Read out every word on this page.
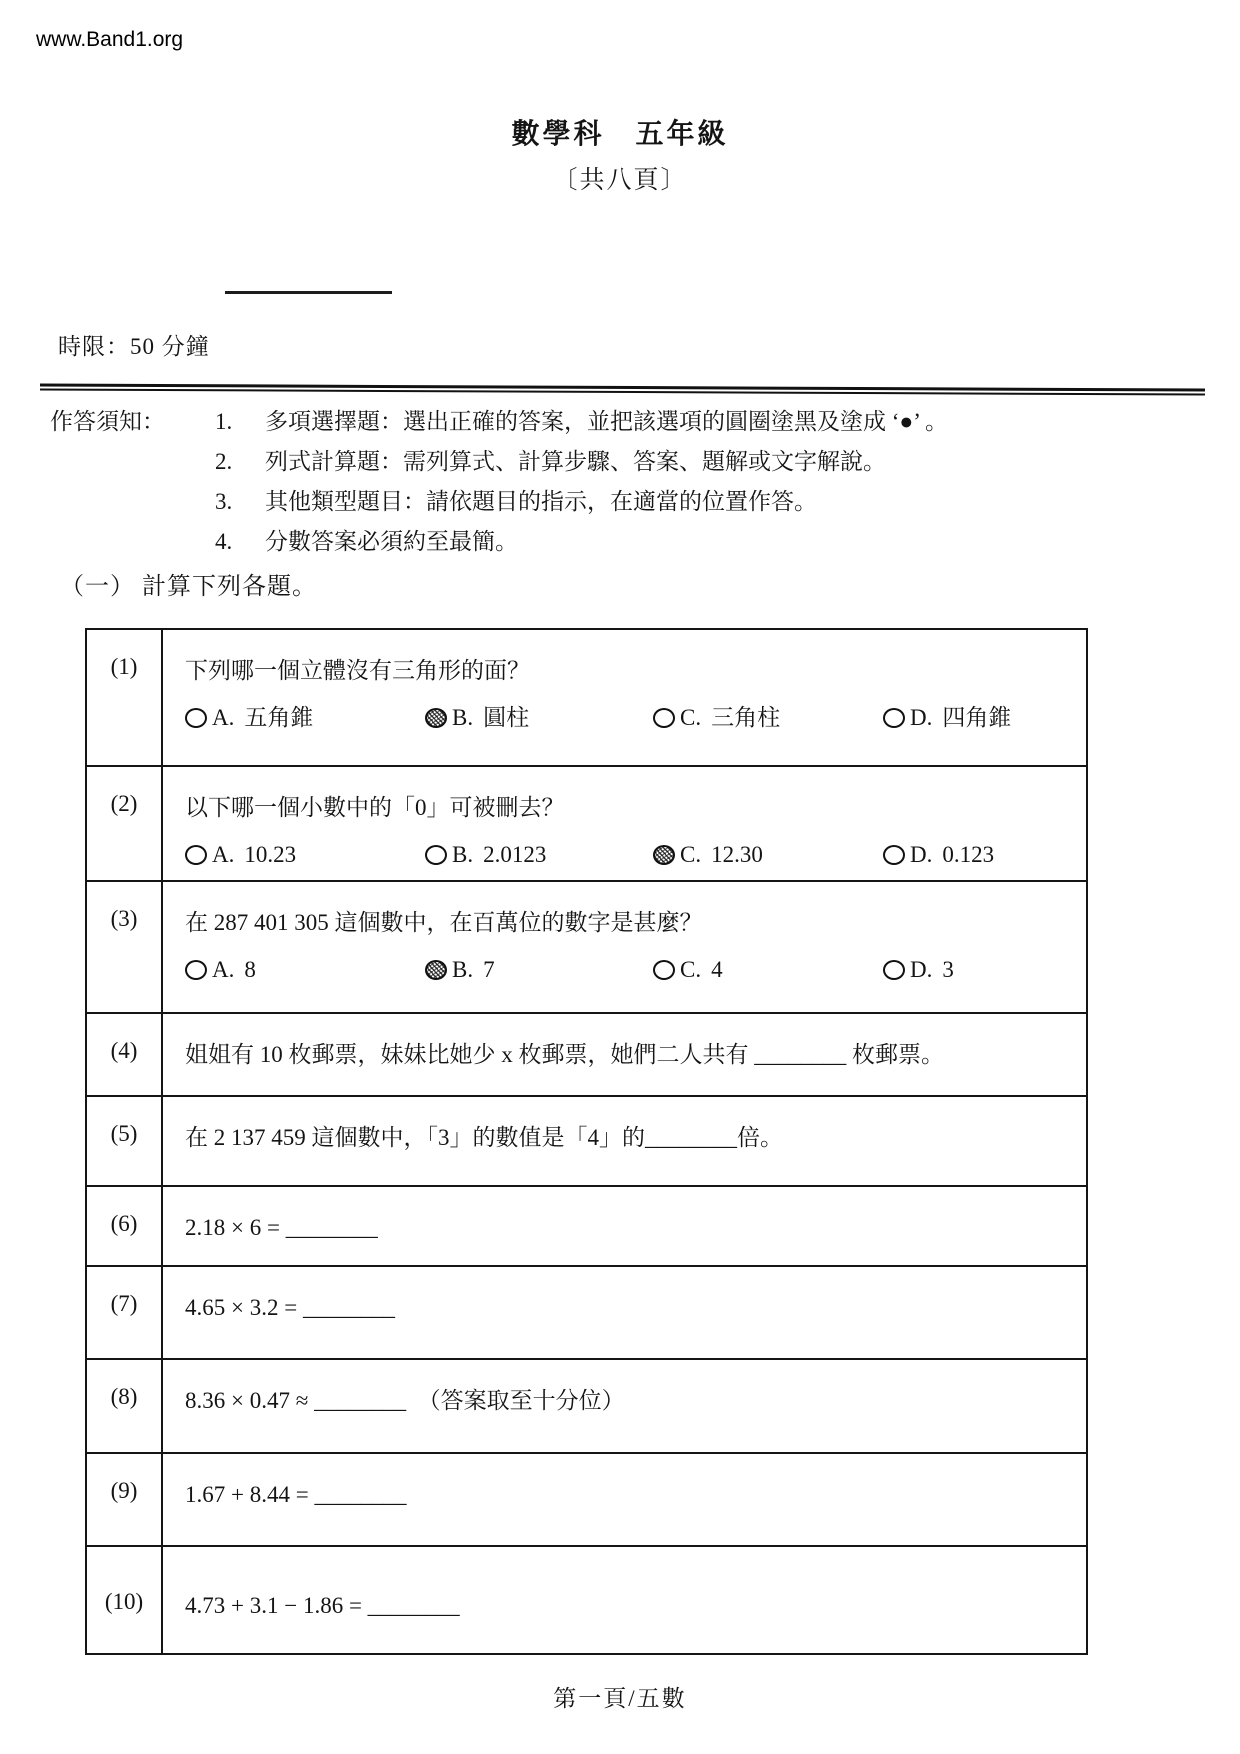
www.Band1.org
數學科　五年級
〔共八頁〕
時限：50 分鐘
作答須知：	1.	多項選擇題：選出正確的答案，並把該選項的圓圈塗黑及塗成 ‘●’ 。
2.	列式計算題：需列算式、計算步驟、答案、題解或文字解說。
3.	其他類型題目：請依題目的指示，在適當的位置作答。
4.	分數答案必須約至最簡。
（一） 計算下列各題。
(1)	下列哪一個立體沒有三角形的面？
A. 五角錐	B. 圓柱	C. 三角柱	D. 四角錐
(2)	以下哪一個小數中的「0」可被刪去？
A. 10.23	B. 2.0123	C. 12.30	D. 0.123
(3)	在 287 401 305 這個數中，在百萬位的數字是甚麼？
A. 8	B. 7	C. 4	D. 3
(4)	姐姐有 10 枚郵票，妹妹比她少 x 枚郵票，她們二人共有 ________ 枚郵票。
(5)	在 2 137 459 這個數中，「3」的數值是「4」的________倍。
(6)	2.18 × 6 = ________
(7)	4.65 × 3.2 = ________
(8)	8.36 × 0.47 ≈ ________　（答案取至十分位）
(9)	1.67 + 8.44 = ________
(10)	4.73 + 3.1 − 1.86 = ________
第一頁/五數
